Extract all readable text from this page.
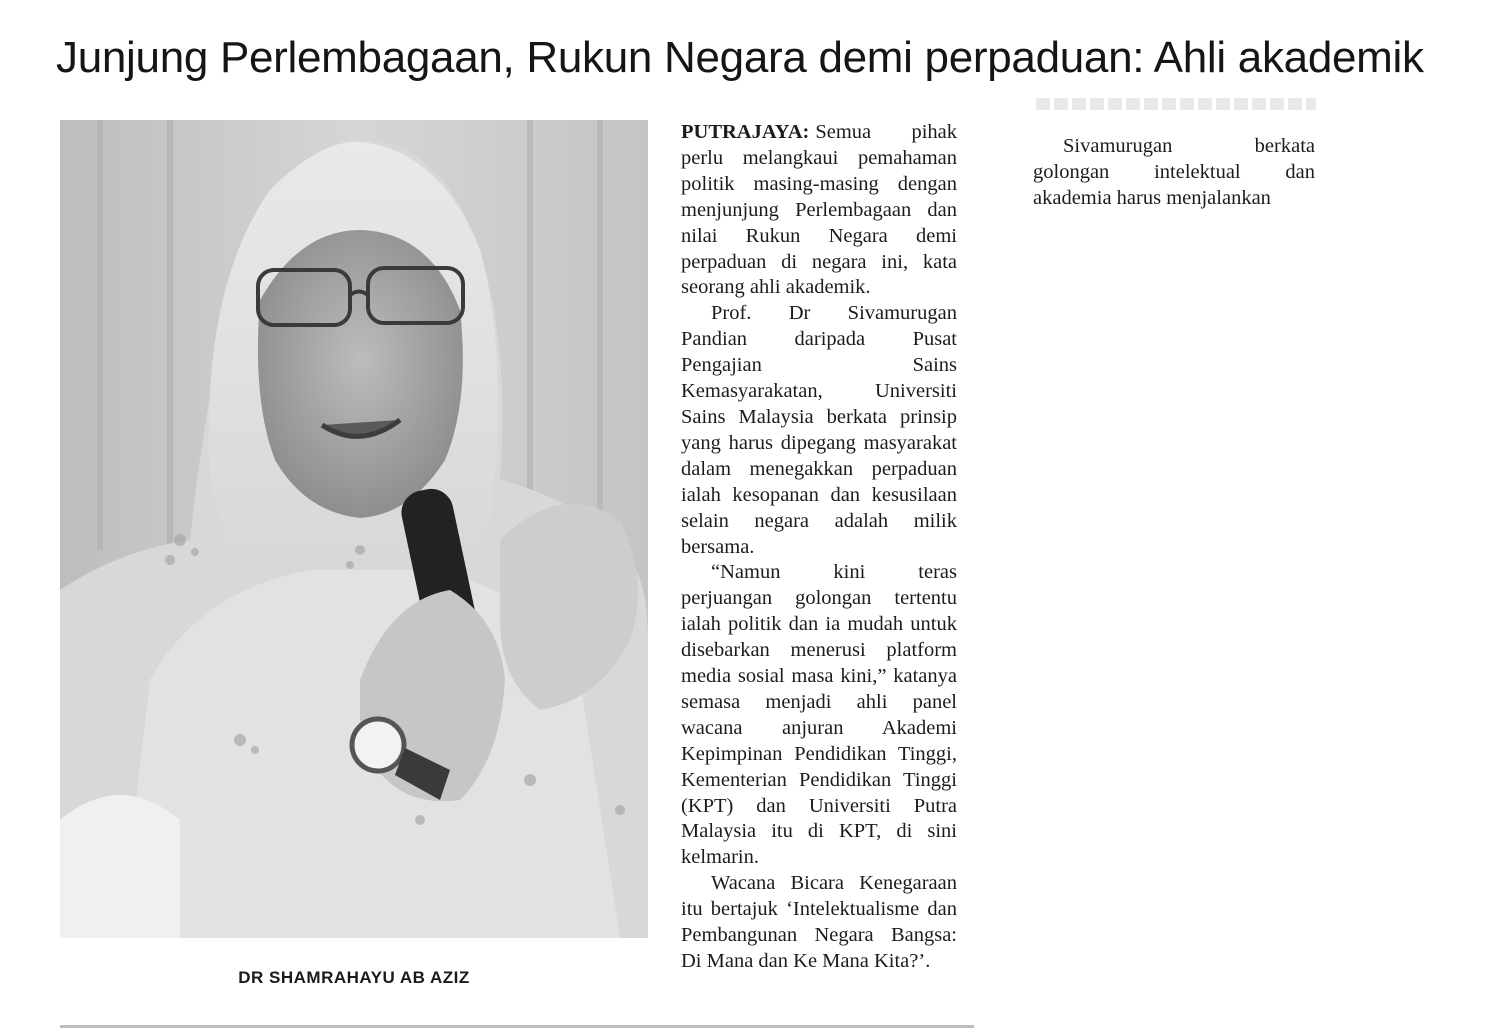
Junjung Perlembagaan, Rukun Negara demi perpaduan: Ahli akademik
DR SHAMRAHAYU AB AZIZ

PUTRAJAYA: Semua pihak perlu melangkaui pemahaman politik masing-masing dengan menjunjung Perlembagaan dan nilai Rukun Negara demi perpaduan di negara ini, kata seorang ahli akademik.

Prof. Dr Sivamurugan Pandian daripada Pusat Pengajian Sains Kemasyarakatan, Universiti Sains Malaysia berkata prinsip yang harus dipegang masyarakat dalam menegakkan perpaduan ialah kesopanan dan kesusilaan selain negara adalah milik bersama.

“Namun kini teras perjuangan golongan tertentu ialah politik dan ia mudah untuk disebarkan menerusi platform media sosial masa kini,” katanya semasa menjadi ahli panel wacana anjuran Akademi Kepimpinan Pendidikan Tinggi, Kementerian Pendidikan Tinggi (KPT) dan Universiti Putra Malaysia itu di KPT, di sini kelmarin.

Wacana Bicara Kenegaraan itu bertajuk ‘Intelektualisme dan Pembangunan Negara Bangsa: Di Mana dan Ke Mana Kita?’.

Sivamurugan berkata golongan intelektual dan akademia harus menjalankan
